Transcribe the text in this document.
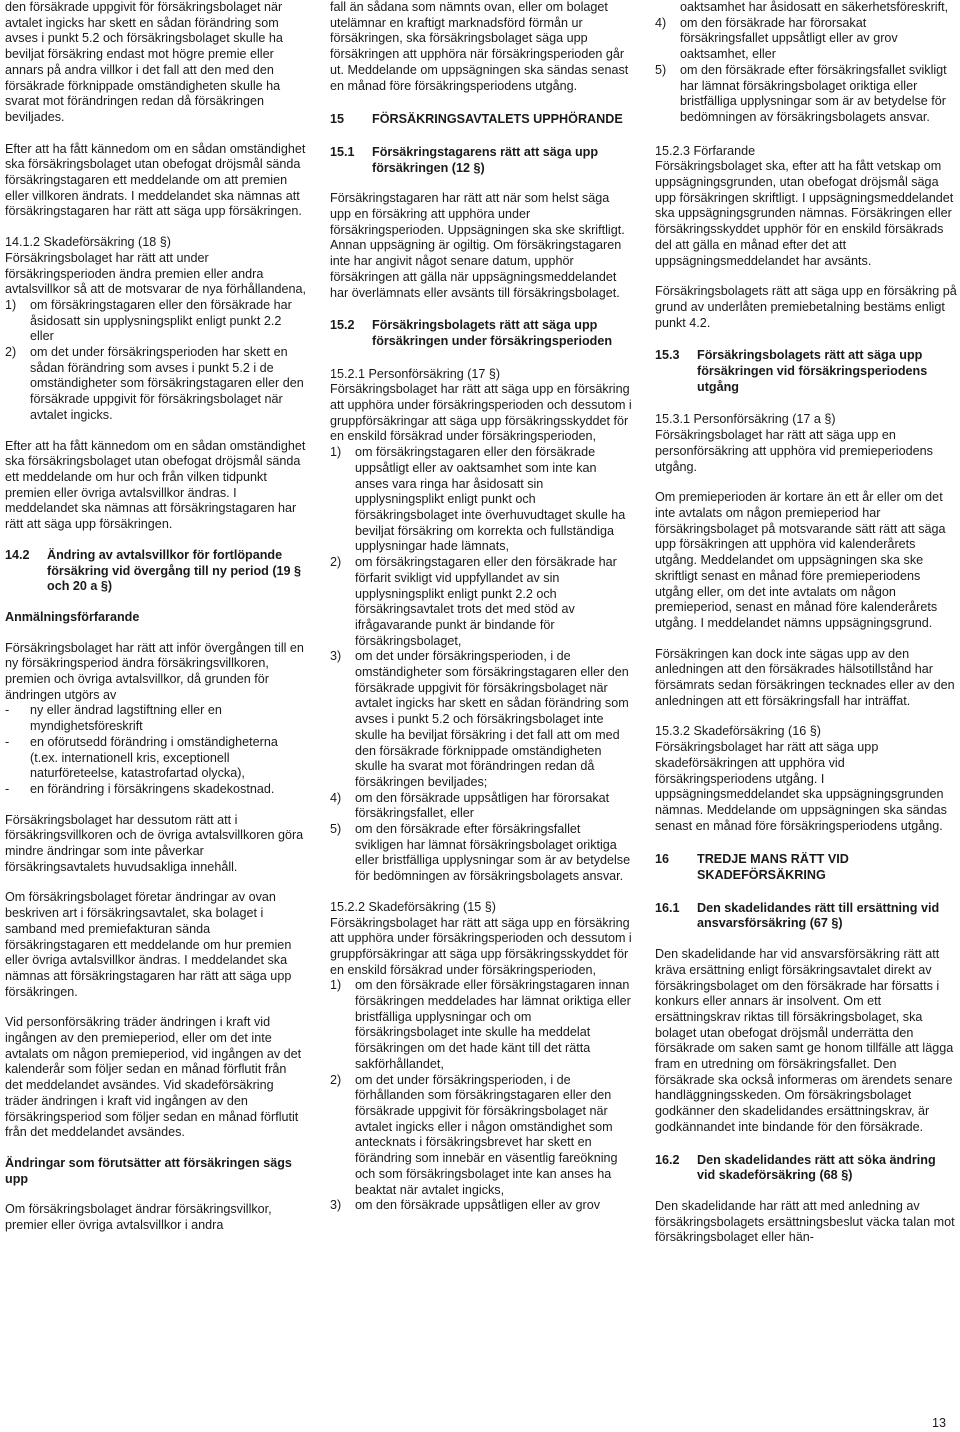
den försäkrade uppgivit för försäkringsbolaget när avtalet ingicks har skett en sådan förändring som avses i punkt 5.2 och försäkringsbolaget skulle ha beviljat försäkring endast mot högre premie eller annars på andra villkor i det fall att den med den försäkrade förknippade omständigheten skulle ha svarat mot förändringen redan då försäkringen beviljades.

Efter att ha fått kännedom om en sådan omständighet ska försäkringsbolaget utan obefogat dröjsmål sända försäkringstagaren ett meddelande om att premien eller villkoren ändrats. I meddelandet ska nämnas att försäkringstagaren har rätt att säga upp försäkringen.

14.1.2 Skadeförsäkring (18 §)

Försäkringsbolaget har rätt att under försäkringsperioden ändra premien eller andra avtalsvillkor så att de motsvarar de nya förhållandena,

1)	om försäkringstagaren eller den försäkrade har åsidosatt sin upplysningsplikt enligt punkt 2.2 eller
2)	om det under försäkringsperioden har skett en sådan förändring som avses i punkt 5.2 i de omständigheter som försäkringstagaren eller den försäkrade uppgivit för försäkringsbolaget när avtalet ingicks.

Efter att ha fått kännedom om en sådan omständighet ska försäkringsbolaget utan obefogat dröjsmål sända ett meddelande om hur och från vilken tidpunkt premien eller övriga avtalsvillkor ändras. I meddelandet ska nämnas att försäkringstagaren har rätt att säga upp försäkringen.

14.2	Ändring av avtalsvillkor för fortlöpande försäkring vid övergång till ny period (19 § och 20 a §)

Anmälningsförfarande

Försäkringsbolaget har rätt att inför övergången till en ny försäkringsperiod ändra försäkringsvillkoren, premien och övriga avtalsvillkor, då grunden för ändringen utgörs av

-	ny eller ändrad lagstiftning eller en myndighetsföreskrift
-	en oförutsedd förändring i omständigheterna (t.ex. internationell kris, exceptionell naturföreteelse, katastrofartad olycka),
-	en förändring i försäkringens skadekostnad.

Försäkringsbolaget har dessutom rätt att i försäkringsvillkoren och de övriga avtalsvillkoren göra mindre ändringar som inte påverkar försäkringsavtalets huvudsakliga innehåll.

Om försäkringsbolaget företar ändringar av ovan beskriven art i försäkringsavtalet, ska bolaget i samband med premiefakturan sända försäkringstagaren ett meddelande om hur premien eller övriga avtalsvillkor ändras. I meddelandet ska nämnas att försäkringstagaren har rätt att säga upp försäkringen.

Vid personförsäkring träder ändringen i kraft vid ingången av den premieperiod, eller om det inte avtalats om någon premieperiod, vid ingången av det kalenderår som följer sedan en månad förflutit från det meddelandet avsändes. Vid skadeförsäkring träder ändringen i kraft vid ingången av den försäkringsperiod som följer sedan en månad förflutit från det meddelandet avsändes.

Ändringar som förutsätter att försäkringen sägs upp

Om försäkringsbolaget ändrar försäkringsvillkor, premier eller övriga avtalsvillkor i andra

fall än sådana som nämnts ovan, eller om bolaget utelämnar en kraftigt marknadsförd förmån ur försäkringen, ska försäkringsbolaget säga upp försäkringen att upphöra när försäkringsperioden går ut. Meddelande om uppsägningen ska sändas senast en månad före försäkringsperiodens utgång.

15	FÖRSÄKRINGSAVTALETS UPPHÖRANDE
15.1	Försäkringstagarens rätt att säga upp försäkringen (12 §)

Försäkringstagaren har rätt att när som helst säga upp en försäkring att upphöra under försäkringsperioden. Uppsägningen ska ske skriftligt. Annan uppsägning är ogiltig. Om försäkringstagaren inte har angivit något senare datum, upphör försäkringen att gälla när uppsägningsmeddelandet har överlämnats eller avsänts till försäkringsbolaget.

15.2	Försäkringsbolagets rätt att säga upp försäkringen under försäkringsperioden

15.2.1 Personförsäkring (17 §)

Försäkringsbolaget har rätt att säga upp en försäkring att upphöra under försäkringsperioden och dessutom i gruppförsäkringar att säga upp försäkringsskyddet för en enskild försäkrad under försäkringsperioden,

1)	om försäkringstagaren eller den försäkrade uppsåtligt eller av oaktsamhet som inte kan anses vara ringa har åsidosatt sin upplysningsplikt enligt punkt och försäkringsbolaget inte överhuvudtaget skulle ha beviljat försäkring om korrekta och fullständiga upplysningar hade lämnats,
2)	om försäkringstagaren eller den försäkrade har förfarit svikligt vid uppfyllandet av sin upplysningsplikt enligt punkt 2.2 och försäkringsavtalet trots det med stöd av ifrågavarande punkt är bindande för försäkringsbolaget,
3)	om det under försäkringsperioden, i de omständigheter som försäkringstagaren eller den försäkrade uppgivit för försäkringsbolaget när avtalet ingicks har skett en sådan förändring som avses i punkt 5.2 och försäkringsbolaget inte skulle ha beviljat försäkring i det fall att om med den försäkrade förknippade omständigheten skulle ha svarat mot förändringen redan då försäkringen beviljades;
4)	om den försäkrade uppsåtligen har förorsakat försäkringsfallet, eller
5)	om den försäkrade efter försäkringsfallet svikligen har lämnat försäkringsbolaget oriktiga eller bristfälliga upplysningar som är av betydelse för bedömningen av försäkringsbolagets ansvar.

15.2.2 Skadeförsäkring (15 §)

Försäkringsbolaget har rätt att säga upp en försäkring att upphöra under försäkringsperioden och dessutom i gruppförsäkringar att säga upp försäkringsskyddet för en enskild försäkrad under försäkringsperioden,

1)	om den försäkrade eller försäkringstagaren innan försäkringen meddelades har lämnat oriktiga eller bristfälliga upplysningar och om försäkringsbolaget inte skulle ha meddelat försäkringen om det hade känt till det rätta sakförhållandet,
2)	om det under försäkringsperioden, i de förhållanden som försäkringstagaren eller den försäkrade uppgivit för försäkringsbolaget när avtalet ingicks eller i någon omständighet som antecknats i försäkringsbrevet har skett en förändring som innebär en väsentlig fareökning och som försäkringsbolaget inte kan anses ha beaktat när avtalet ingicks,
3)	om den försäkrade uppsåtligen eller av grov
oaktsamhet har åsidosatt en säkerhetsföreskrift,
4)	om den försäkrade har förorsakat försäkringsfallet uppsåtligt eller av grov oaktsamhet, eller
5)	om den försäkrade efter försäkringsfallet svikligt har lämnat försäkringsbolaget oriktiga eller bristfälliga upplysningar som är av betydelse för bedömningen av försäkringsbolagets ansvar.

15.2.3 Förfarande

Försäkringsbolaget ska, efter att ha fått vetskap om uppsägningsgrunden, utan obefogat dröjsmål säga upp försäkringen skriftligt. I uppsägningsmeddelandet ska uppsägningsgrunden nämnas. Försäkringen eller försäkringsskyddet upphör för en enskild försäkrads del att gälla en månad efter det att uppsägningsmeddelandet har avsänts.

Försäkringsbolagets rätt att säga upp en försäkring på grund av underlåten premiebetalning bestäms enligt punkt 4.2.

15.3	Försäkringsbolagets rätt att säga upp försäkringen vid försäkringsperiodens utgång

15.3.1 Personförsäkring (17 a §)

Försäkringsbolaget har rätt att säga upp en personförsäkring att upphöra vid premieperiodens utgång.

Om premieperioden är kortare än ett år eller om det inte avtalats om någon premieperiod har försäkringsbolaget på motsvarande sätt rätt att säga upp försäkringen att upphöra vid kalenderårets utgång. Meddelandet om uppsägningen ska ske skriftligt senast en månad före premieperiodens utgång eller, om det inte avtalats om någon premieperiod, senast en månad före kalenderårets utgång. I meddelandet nämns uppsägningsgrund.

Försäkringen kan dock inte sägas upp av den anledningen att den försäkrades hälsotillstånd har försämrats sedan försäkringen tecknades eller av den anledningen att ett försäkringsfall har inträffat.

15.3.2 Skadeförsäkring (16 §)

Försäkringsbolaget har rätt att säga upp skadeförsäkringen att upphöra vid försäkringsperiodens utgång. I uppsägningsmeddelandet ska uppsägningsgrunden nämnas. Meddelande om uppsägningen ska sändas senast en månad före försäkringsperiodens utgång.

16	TREDJE MANS RÄTT VID SKADEFÖRSÄKRING
16.1	Den skadelidandes rätt till ersättning vid ansvarsförsäkring (67 §)

Den skadelidande har vid ansvarsförsäkring rätt att kräva ersättning enligt försäkringsavtalet direkt av försäkringsbolaget om den försäkrade har försatts i konkurs eller annars är insolvent. Om ett ersättningskrav riktas till försäkringsbolaget, ska bolaget utan obefogat dröjsmål underrätta den försäkrade om saken samt ge honom tillfälle att lägga fram en utredning om försäkringsfallet. Den försäkrade ska också informeras om ärendets senare handläggningsskeden. Om försäkringsbolaget godkänner den skadelidandes ersättningskrav, är godkännandet inte bindande för den försäkrade.

16.2	Den skadelidandes rätt att söka ändring vid skadeförsäkring (68 §)

Den skadelidande har rätt att med anledning av försäkringsbolagets ersättningsbeslut väcka talan mot försäkringsbolaget eller hän-

13
